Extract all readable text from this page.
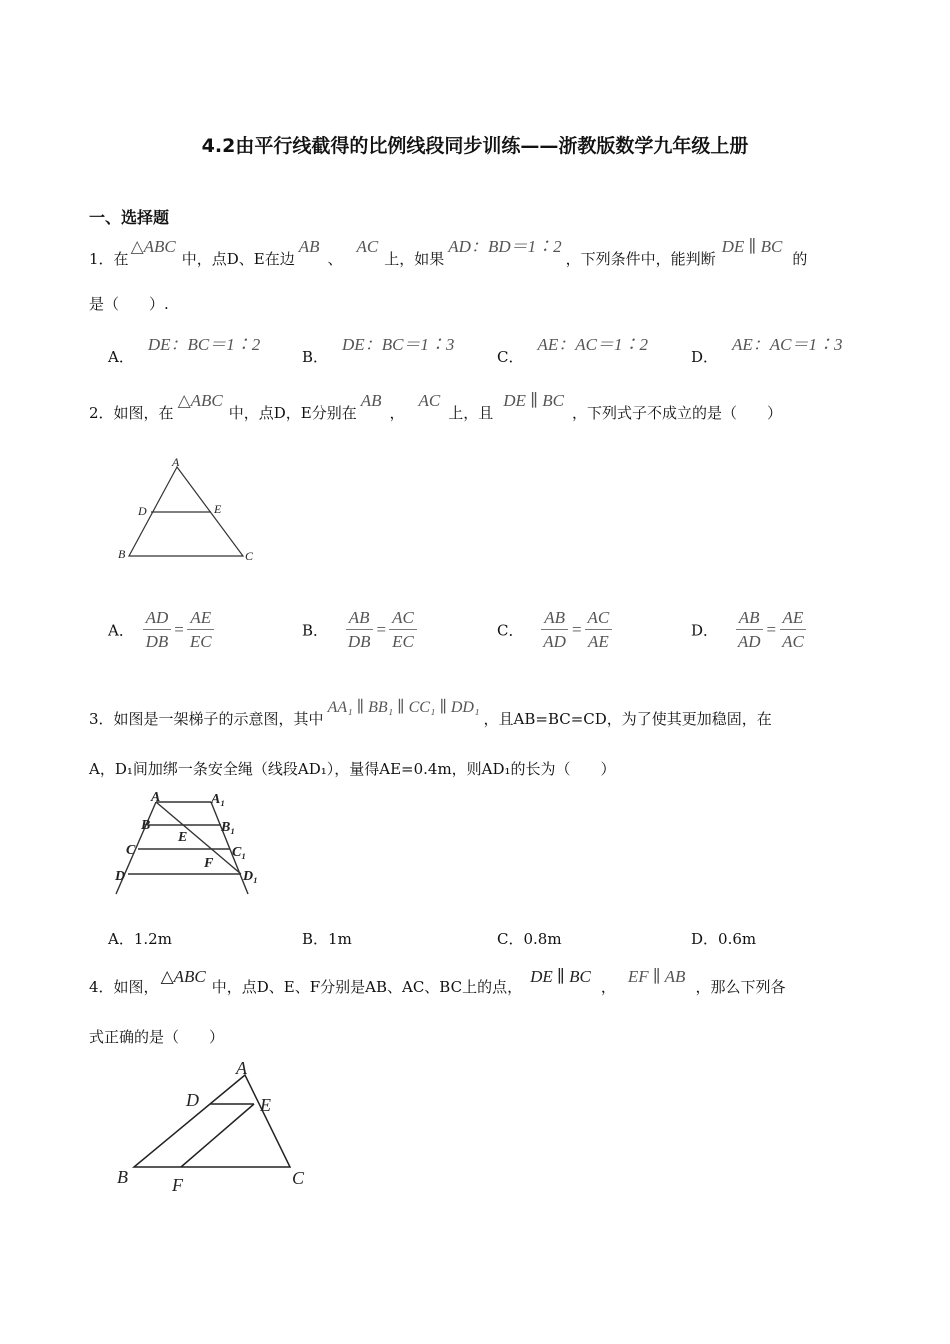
4.2由平行线截得的比例线段同步训练——浙教版数学九年级上册
一、选择题
1．在△ABC中，点D、E在边AB、AC上，如果AD：BD＝1∶2，下列条件中，能判断DE ∥ BC的
是（　　）.
A．DE：BC＝1∶2
B．DE：BC＝1∶3
C．AE：AC＝1∶2
D．AE：AC＝1∶3
2．如图，在△ABC中，点D，E分别在AB，AC上，且DE ∥ BC，下列式子不成立的是（　　）
A
D	E
B	C
A． $\frac{AD}{DB} = \frac{AE}{EC}$	B． $\frac{AB}{DB} = \frac{AC}{EC}$	C． $\frac{AB}{AD} = \frac{AC}{AE}$	D． $\frac{AB}{AD} = \frac{AE}{AC}$
3．如图是一架梯子的示意图，其中AA₁ ∥ BB₁ ∥ CC₁ ∥ DD₁，且AB=BC=CD，为了使其更加稳固，在
A，D₁间加绑一条安全绳（线段AD₁），量得AE=0.4m，则AD₁的长为（　　）
A	A₁
B	B₁
C	C₁
D	D₁
E
F
A．1.2m	B．1m	C．0.8m	D．0.6m
4．如图，△ABC中，点D、E、F分别是AB、AC、BC上的点，DE ∥ BC，EF ∥ AB，那么下列各
式正确的是（　　）
A
D	E
B F	C
